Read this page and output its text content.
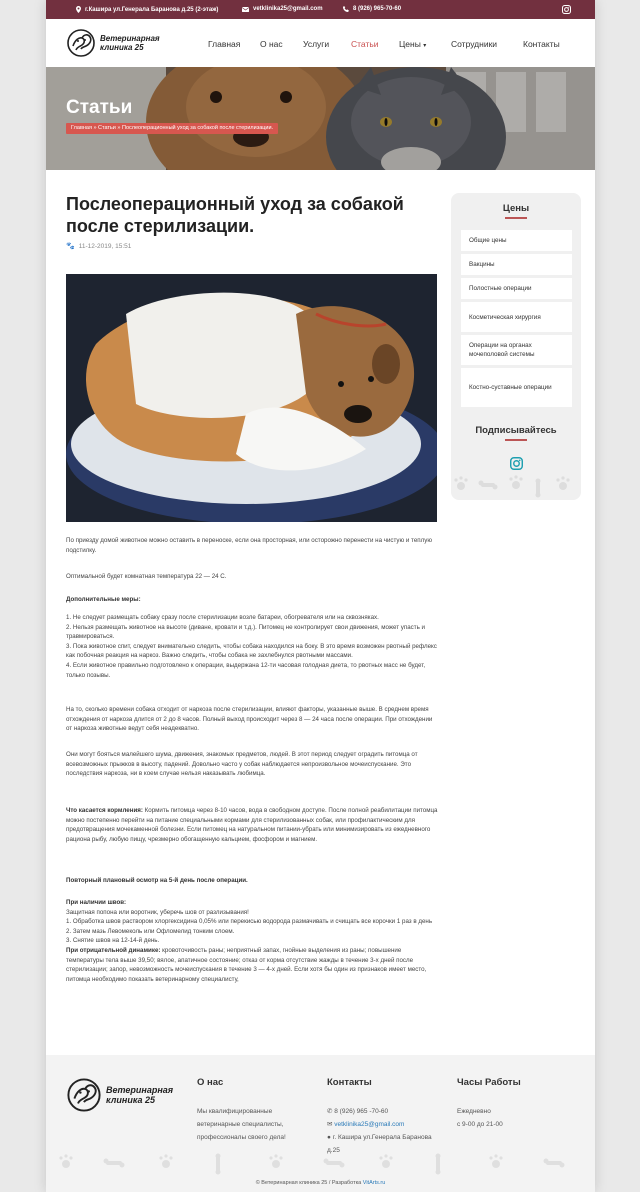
г.Кашира ул.Генерала Баранова д.25 (2-этаж)	vetklinika25@gmail.com	8 (926) 965-70-60
Ветеринарная
клиника 25	Главная О нас Услуги	Статьи Цены ▾	Сотрудники	Контакты
Статьи
Главная » Статьи » Послеоперационный уход за собакой после стерилизации.
Послеоперационный уход за собакой после стерилизации.
🐾 11-12-2019, 15:51
По приезду домой животное можно оставить в переноске, если она просторная, или осторожно перенести на чистую и теплую подстилку.
Оптимальной будет комнатная температура 22 — 24 С.
Дополнительные меры:
1. Не следует размещать собаку сразу после стерилизации возле батареи, обогревателя или на сквозняках.
2. Нельзя размещать животное на высоте (диване, кровати и т.д.). Питомец не контролирует свои движения, может упасть и травмироваться.
3. Пока животное спит, следует внимательно следить, чтобы собака находился на боку. В это время возможен рвотный рефлекс как побочная реакция на наркоз. Важно следить, чтобы собака не захлебнулся рвотными массами.
4. Если животное правильно подготовлено к операции, выдержана 12-ти часовая голодная диета, то рвотных масс не будет, только позывы.
На то, сколько времени собака отходит от наркоза после стерилизации, влияют факторы, указанные выше. В среднем время отхождения от наркоза длится от 2 до 8 часов. Полный выход происходит через 8 — 24 часа после операции. При отхождении от наркоза животные ведут себя неадекватно.
Они могут бояться малейшего шума, движения, знакомых предметов, людей. В этот период следует оградить питомца от всевозможных прыжков в высоту, падений. Довольно часто у собак наблюдается непроизвольное мочеиспускание. Это последствия наркоза, ни в коем случае нельзя наказывать любимца.
Что касается кормления: Кормить питомца через 8-10 часов, вода в свободном доступе. После полной реабилитации питомца можно постепенно перейти на питание специальными кормами для стерилизованных собак, или профилактическим для предотвращения мочекаменной болезни. Если питомец на натуральном питании-убрать или минимизировать из ежедневного рациона рыбу, любую пищу, чрезмерно обогащенную кальцием, фосфором и магнием.
Повторный плановый осмотр на 5-й день после операции.
При наличии швов:
Защитная попона или воротник, уберечь шов от разлизывания!
1. Обработка швов раствором хлоргексидина 0,05% или перекисью водорода размачивать и счищать все корочки 1 раз в день
2. Затем мазь Левомеколь или Офломелид тонким слоем.
3. Снятие швов на 12-14-й день.
При отрицательной динамике: кровоточивость раны; неприятный запах, гнойные выделения из раны; повышение температуры тела выше 39,50; вялое, апатичное состояние; отказ от корма отсутствие жажды в течение 3-х дней после стерилизации; запор, невозможность мочеиспускания в течение 3 — 4-х дней. Если хотя бы один из признаков имеет место, питомца необходимо показать ветеринарному специалисту,
Цены
Общие цены
Вакцины
Полостные операции
Косметическая хирургия
Операции на органах мочеполовой системы
Костно-суставные операции
Подписывайтесь
Ветеринарная
клиника 25
О нас
Мы квалифицированные ветеринарные специалисты, профессионалы своего дела!
Контакты
✆ 8 (926) 965 -70-60
✉ vetklinika25@gmail.com
● г. Кашира ул.Генерала Баранова д.25
Часы Работы
Ежедневно
с 9-00 до 21-00
© Ветеринарная клиника 25 / Разработка VitArts.ru
